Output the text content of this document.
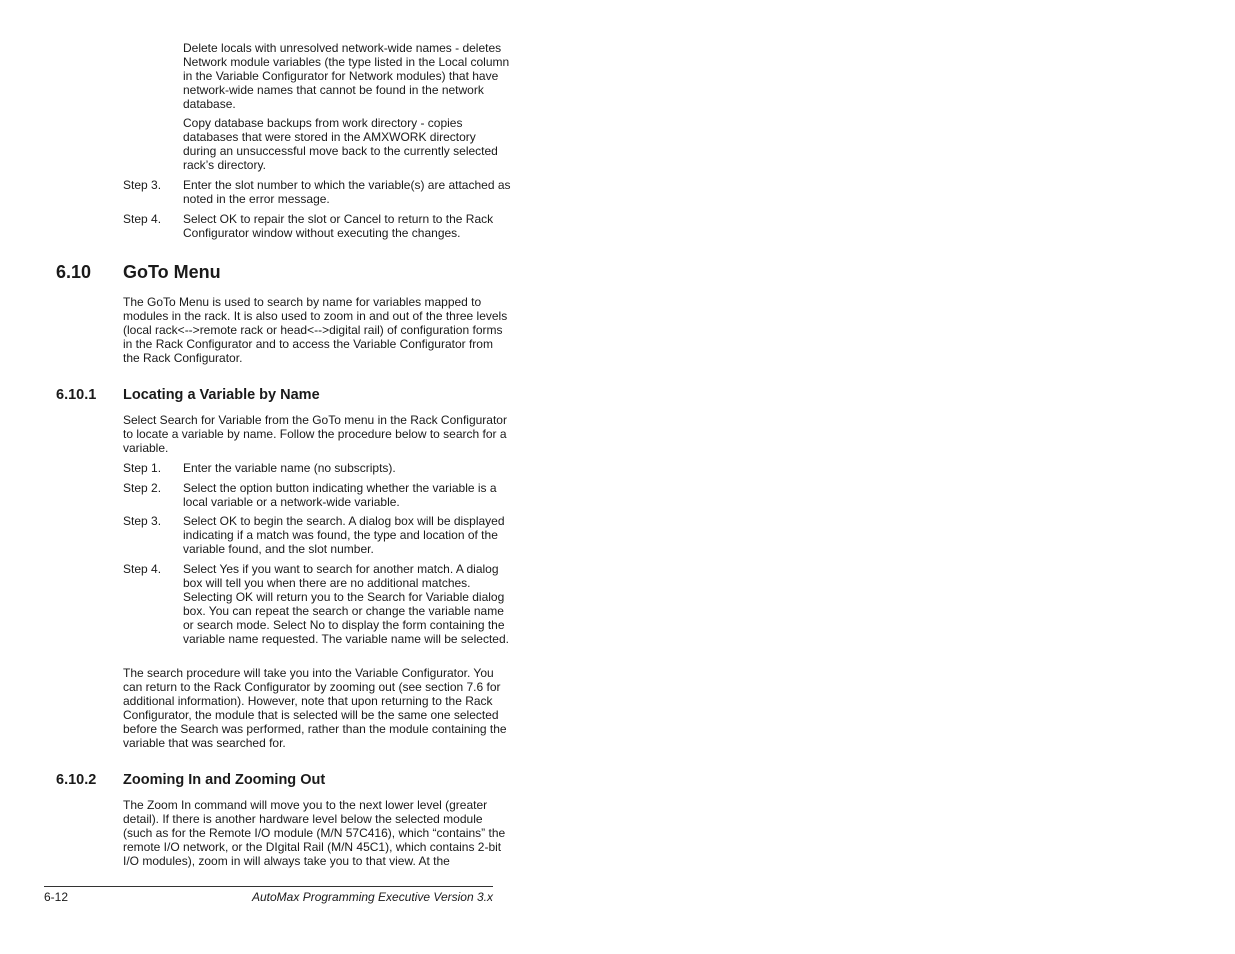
Delete locals with unresolved network-wide names - deletes Network module variables (the type listed in the Local column in the Variable Configurator for Network modules) that have network-wide names that cannot be found in the network database.

Copy database backups from work directory - copies databases that were stored in the AMXWORK directory during an unsuccessful move back to the currently selected rack’s directory.

Step 3. Enter the slot number to which the variable(s) are attached as noted in the error message.

Step 4. Select OK to repair the slot or Cancel to return to the Rack Configurator window without executing the changes.

6.10 GoTo Menu

The GoTo Menu is used to search by name for variables mapped to modules in the rack. It is also used to zoom in and out of the three levels (local rack<-->remote rack or head<-->digital rail) of configuration forms in the Rack Configurator and to access the Variable Configurator from the Rack Configurator.

6.10.1 Locating a Variable by Name

Select Search for Variable from the GoTo menu in the Rack Configurator to locate a variable by name. Follow the procedure below to search for a variable.

Step 1. Enter the variable name (no subscripts).

Step 2. Select the option button indicating whether the variable is a local variable or a network-wide variable.

Step 3. Select OK to begin the search. A dialog box will be displayed indicating if a match was found, the type and location of the variable found, and the slot number.

Step 4. Select Yes if you want to search for another match. A dialog box will tell you when there are no additional matches. Selecting OK will return you to the Search for Variable dialog box. You can repeat the search or change the variable name or search mode. Select No to display the form containing the variable name requested. The variable name will be selected.

The search procedure will take you into the Variable Configurator. You can return to the Rack Configurator by zooming out (see section 7.6 for additional information). However, note that upon returning to the Rack Configurator, the module that is selected will be the same one selected before the Search was performed, rather than the module containing the variable that was searched for.

6.10.2 Zooming In and Zooming Out

The Zoom In command will move you to the next lower level (greater detail). If there is another hardware level below the selected module (such as for the Remote I/O module (M/N 57C416), which “contains” the remote I/O network, or the DIgital Rail (M/N 45C1), which contains 2-bit I/O modules), zoom in will always take you to that view. At the

6-12	AutoMax Programming Executive Version 3.x
